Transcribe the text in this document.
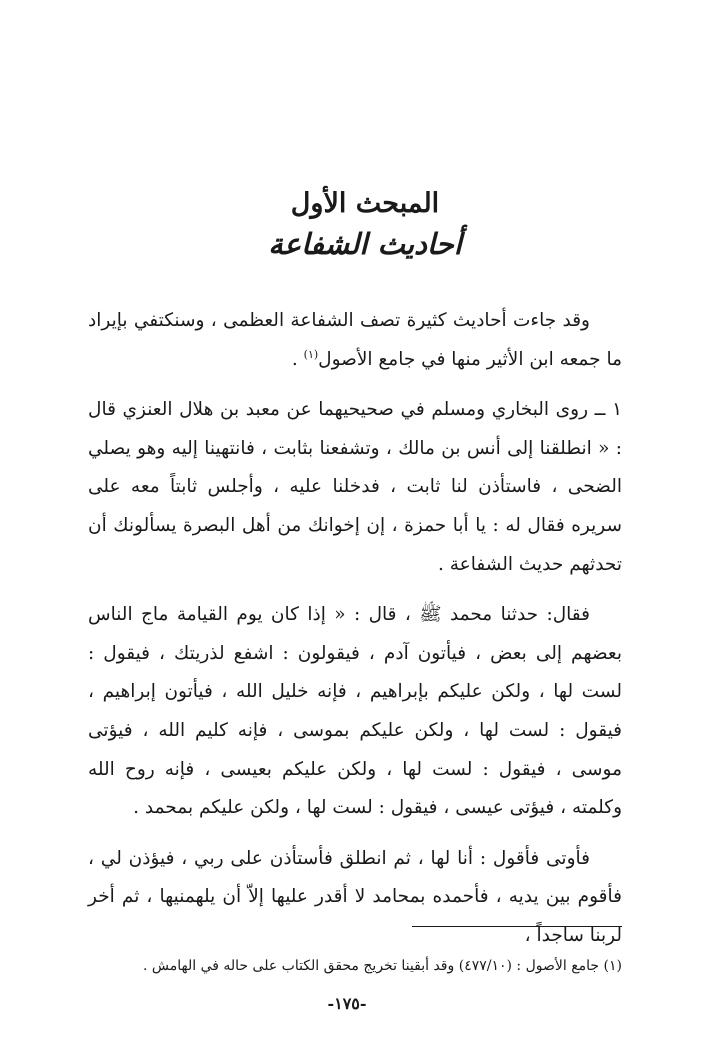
المبحث الأول

أحاديث الشفاعة

وقد جاءت أحاديث كثيرة تصف الشفاعة العظمى ، وسنكتفي بإيراد ما جمعه ابن الأثير منها في جامع الأصول$^{(١)}$ .

١ ــ روى البخاري ومسلم في صحيحيهما عن معبد بن هلال العنزي قال : « انطلقنا إلى أنس بن مالك ، وتشفعنا بثابت ، فانتهينا إليه وهو يصلي الضحى ، فاستأذن لنا ثابت ، فدخلنا عليه ، وأجلس ثابتاً معه على سريره فقال له : يا أبا حمزة ، إن إخوانك من أهل البصرة يسألونك أن تحدثهم حديث الشفاعة .

فقال: حدثنا محمد ﷺ ، قال : « إذا كان يوم القيامة ماج الناس بعضهم إلى بعض ، فيأتون آدم ، فيقولون : اشفع لذريتك ، فيقول : لست لها ، ولكن عليكم بإبراهيم ، فإنه خليل الله ، فيأتون إبراهيم ، فيقول : لست لها ، ولكن عليكم بموسى ، فإنه كليم الله ، فيؤتى موسى ، فيقول : لست لها ، ولكن عليكم بعيسى ، فإنه روح الله وكلمته ، فيؤتى عيسى ، فيقول : لست لها ، ولكن عليكم بمحمد .

فأوتى فأقول : أنا لها ، ثم انطلق فأستأذن على ربي ، فيؤذن لي ، فأقوم بين يديه ، فأحمده بمحامد لا أقدر عليها إلاّ أن يلهمنيها ، ثم أخر لربنا ساجداً ،

(١) جامع الأصول : (٤٧٧/١٠) وقد أبقينا تخريج محقق الكتاب على حاله في الهامش .

-١٧٥-
